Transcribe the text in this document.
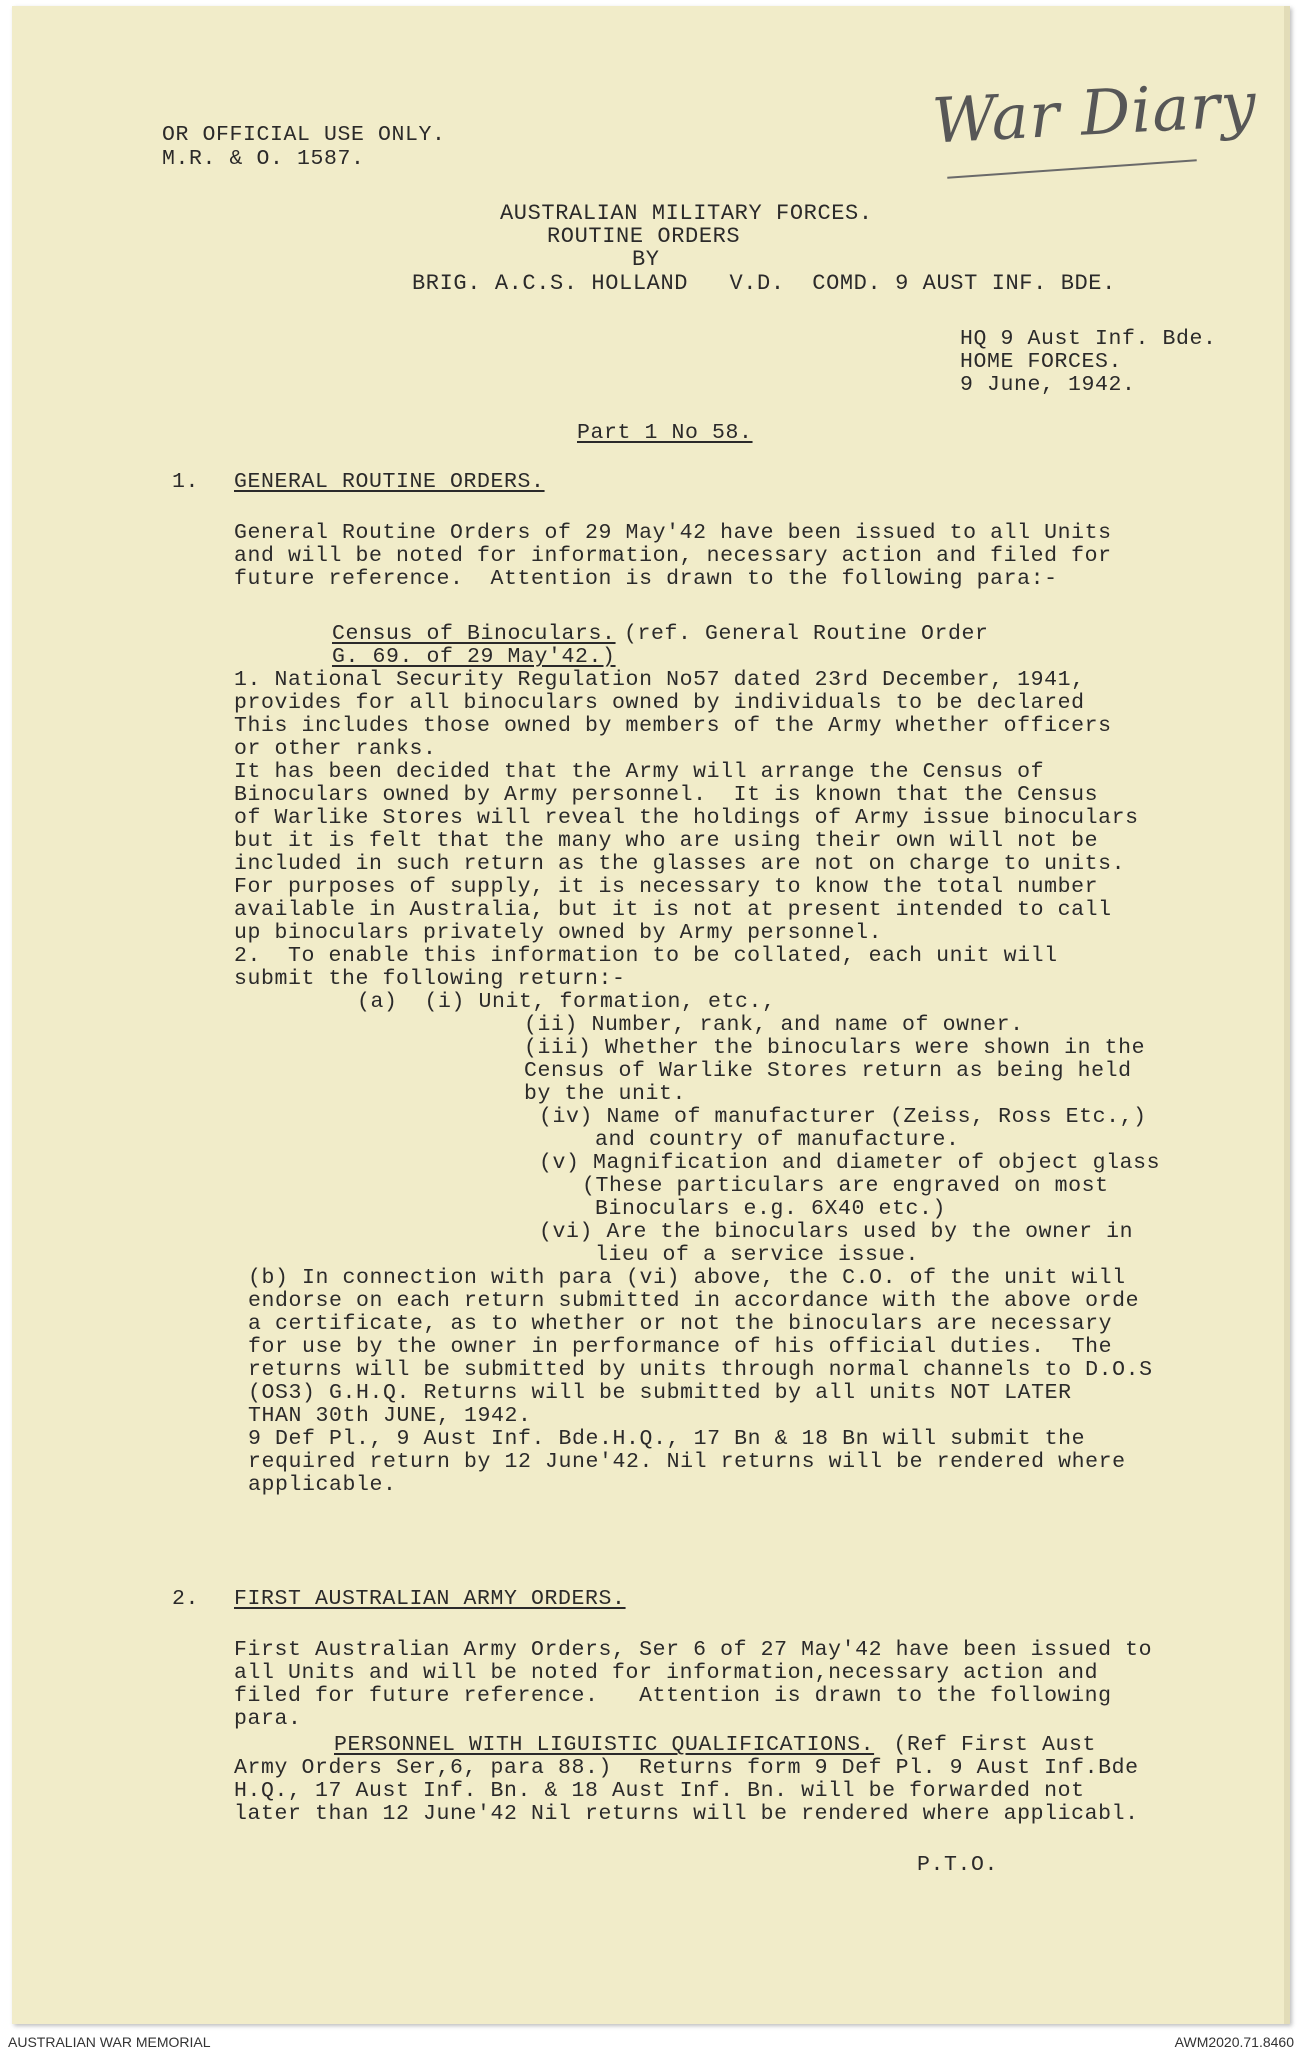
War Diary
OR OFFICIAL USE ONLY.
M.R. & O. 1587.
AUSTRALIAN MILITARY FORCES.
ROUTINE ORDERS
BY
BRIG. A.C.S. HOLLAND   V.D.  COMD. 9 AUST INF. BDE.
HQ 9 Aust Inf. Bde.
HOME FORCES.
9 June, 1942.
Part 1 No 58.
1. GENERAL ROUTINE ORDERS.
General Routine Orders of 29 May'42 have been issued to all Units
and will be noted for information, necessary action and filed for
future reference.  Attention is drawn to the following para:-
Census of Binoculars. (ref. General Routine Order
G. 69. of 29 May'42.)
1. National Security Regulation No57 dated 23rd December, 1941,
provides for all binoculars owned by individuals to be declared
This includes those owned by members of the Army whether officers
or other ranks.
It has been decided that the Army will arrange the Census of
Binoculars owned by Army personnel.  It is known that the Census
of Warlike Stores will reveal the holdings of Army issue binoculars
but it is felt that the many who are using their own will not be
included in such return as the glasses are not on charge to units.
For purposes of supply, it is necessary to know the total number
available in Australia, but it is not at present intended to call
up binoculars privately owned by Army personnel.
2.  To enable this information to be collated, each unit will
submit the following return:-
(a)  (i) Unit, formation, etc.,
(ii) Number, rank, and name of owner.
(iii) Whether the binoculars were shown in the
Census of Warlike Stores return as being held
by the unit.
(iv) Name of manufacturer (Zeiss, Ross Etc.,)
and country of manufacture.
(v) Magnification and diameter of object glass
(These particulars are engraved on most
Binoculars e.g. 6X40 etc.)
(vi) Are the binoculars used by the owner in
lieu of a service issue.
(b) In connection with para (vi) above, the C.O. of the unit will
endorse on each return submitted in accordance with the above orde
a certificate, as to whether or not the binoculars are necessary
for use by the owner in performance of his official duties.  The
returns will be submitted by units through normal channels to D.O.S
(OS3) G.H.Q. Returns will be submitted by all units NOT LATER
THAN 30th JUNE, 1942.
9 Def Pl., 9 Aust Inf. Bde.H.Q., 17 Bn & 18 Bn will submit the
required return by 12 June'42. Nil returns will be rendered where
applicable.
2. FIRST AUSTRALIAN ARMY ORDERS.
First Australian Army Orders, Ser 6 of 27 May'42 have been issued to
all Units and will be noted for information,necessary action and
filed for future reference.   Attention is drawn to the following
para.
PERSONNEL WITH LIGUISTIC QUALIFICATIONS. (Ref First Aust
Army Orders Ser,6, para 88.)  Returns form 9 Def Pl. 9 Aust Inf.Bde
H.Q., 17 Aust Inf. Bn. & 18 Aust Inf. Bn. will be forwarded not
later than 12 June'42 Nil returns will be rendered where applicabl.
P.T.O.
AUSTRALIAN WAR MEMORIAL	AWM2020.71.8460
